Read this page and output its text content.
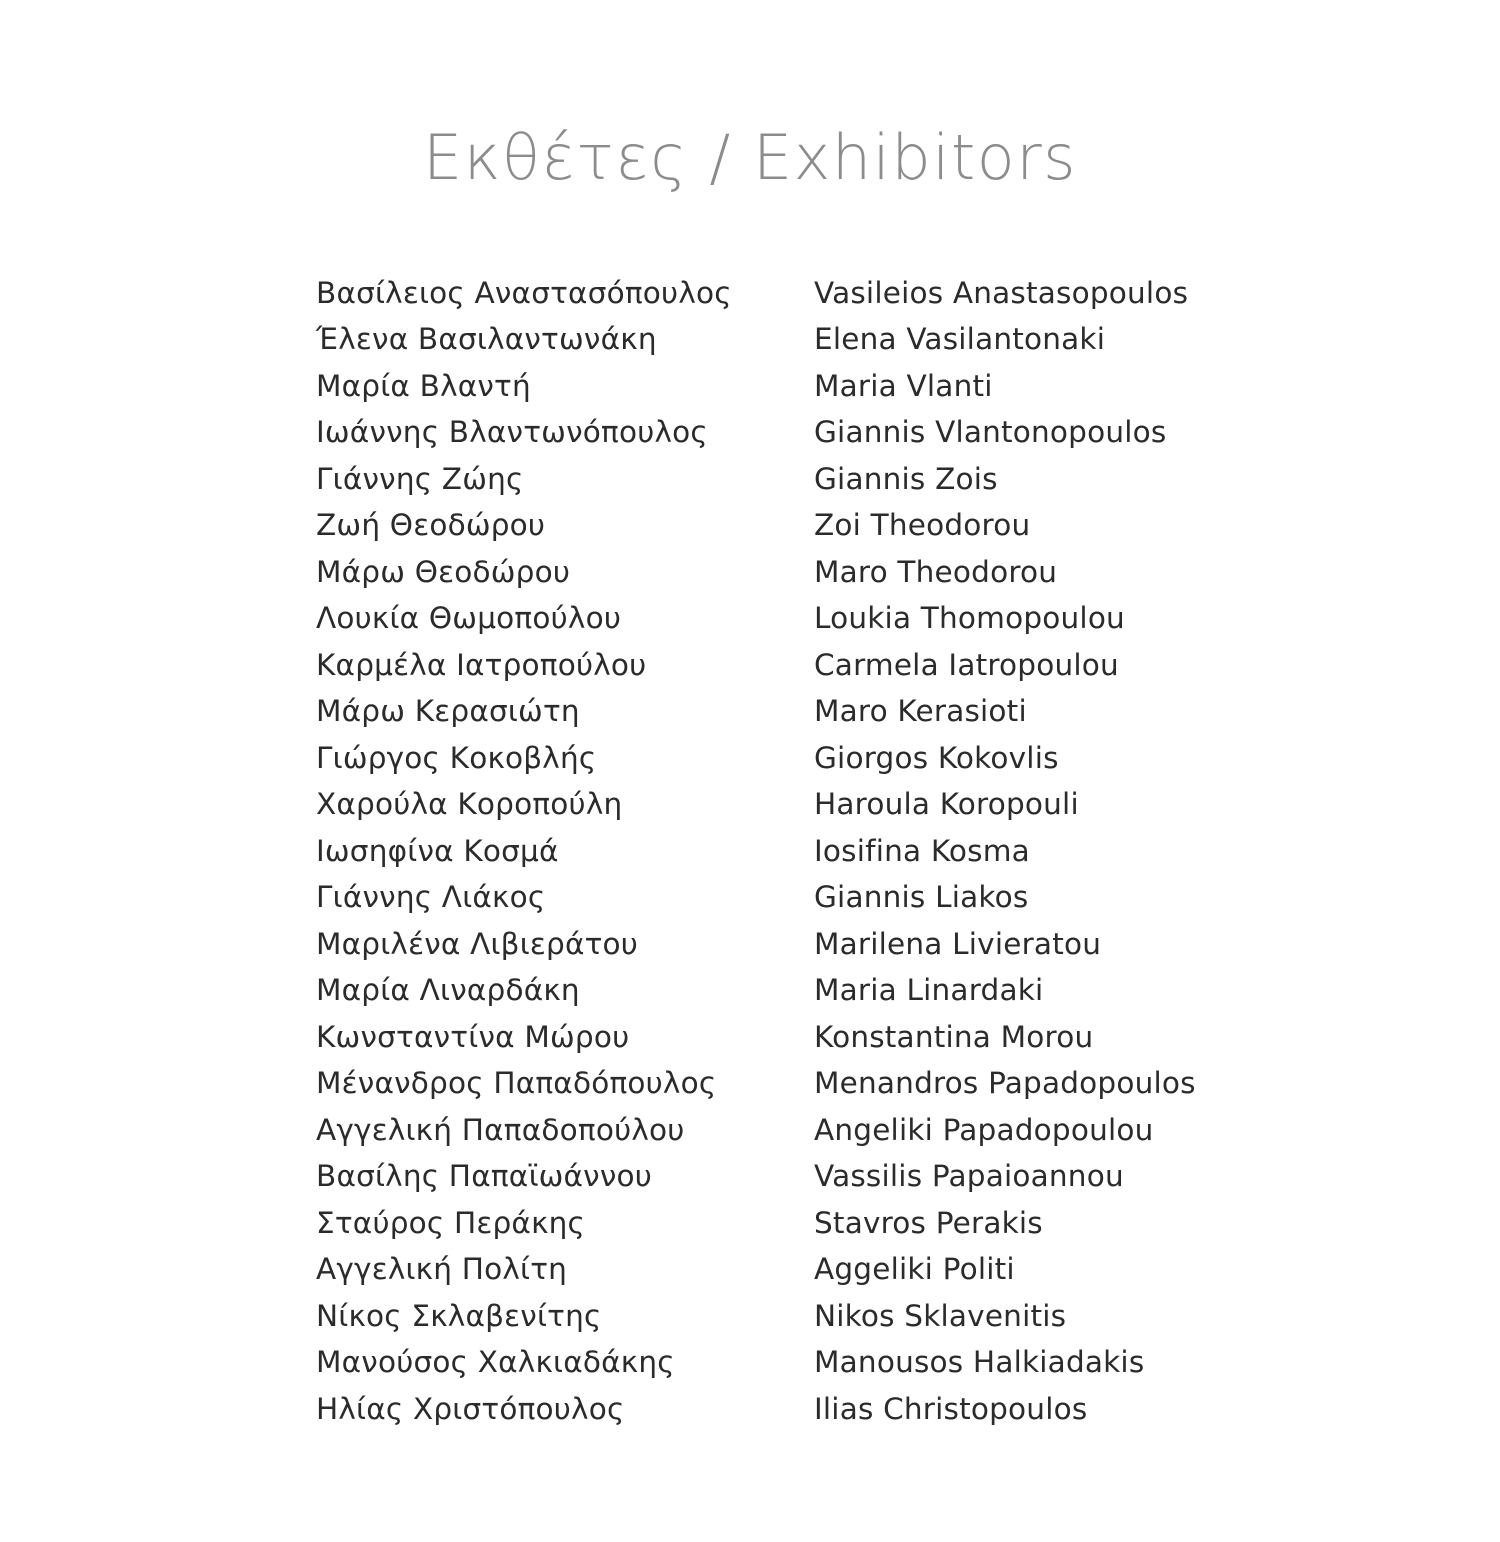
Εκθέτες / Exhibitors
Βασίλειος Αναστασόπουλος
Έλενα Βασιλαντωνάκη
Μαρία Βλαντή
Ιωάννης Βλαντωνόπουλος
Γιάννης Ζώης
Ζωή Θεοδώρου
Μάρω Θεοδώρου
Λουκία Θωμοπούλου
Καρμέλα Ιατροπούλου
Μάρω Κερασιώτη
Γιώργος Κοκοβλής
Χαρούλα Κοροπούλη
Ιωσηφίνα Κοσμά
Γιάννης Λιάκος
Μαριλένα Λιβιεράτου
Μαρία Λιναρδάκη
Κωνσταντίνα Μώρου
Μένανδρος Παπαδόπουλος
Αγγελική Παπαδοπούλου
Βασίλης Παπαϊωάννου
Σταύρος Περάκης
Αγγελική Πολίτη
Νίκος Σκλαβενίτης
Μανούσος Χαλκιαδάκης
Ηλίας Χριστόπουλος
Vasileios Anastasopoulos
Elena Vasilantonaki
Maria Vlanti
Giannis Vlantonopoulos
Giannis Zois
Zoi Theodorou
Maro Theodorou
Loukia Thomopoulou
Carmela Iatropoulou
Maro Kerasioti
Giorgos Kokovlis
Haroula Koropouli
Iosifina Kosma
Giannis Liakos
Marilena Livieratou
Maria Linardaki
Konstantina Morou
Menandros Papadopoulos
Angeliki Papadopoulou
Vassilis Papaioannou
Stavros Perakis
Aggeliki Politi
Nikos Sklavenitis
Manousos Halkiadakis
Ilias Christopoulos
